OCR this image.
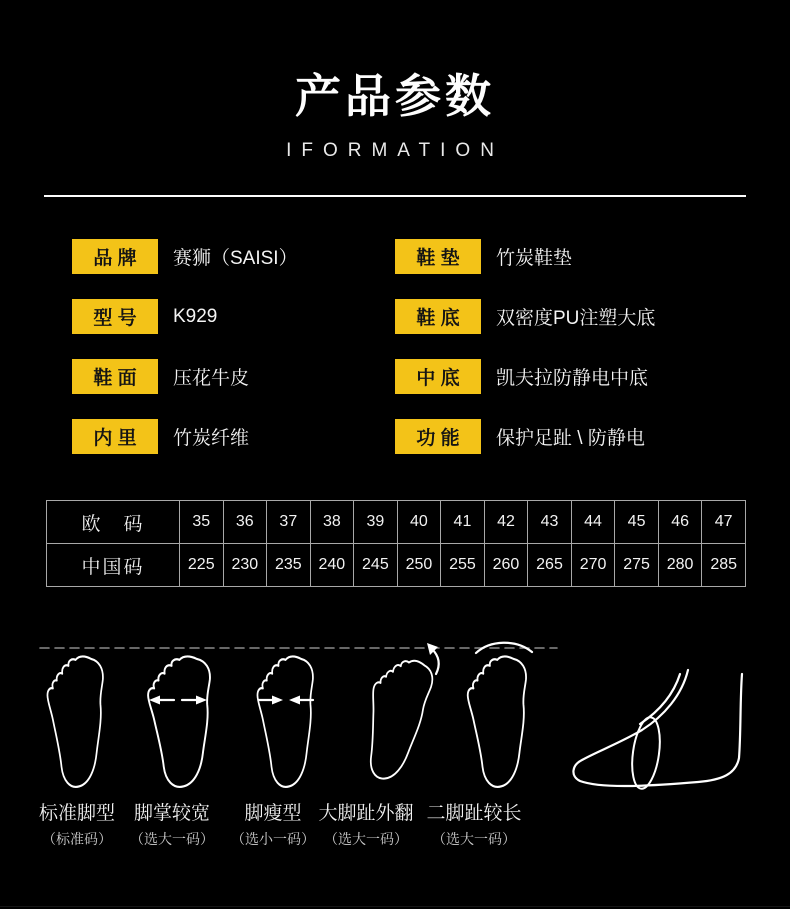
产品参数
IFORMATION
品 牌	赛狮（SAISI）
型 号	K929
鞋 面	压花牛皮
内 里	竹炭纤维
鞋 垫	竹炭鞋垫
鞋 底	双密度PU注塑大底
中 底	凯夫拉防静电中底
功 能	保护足趾 \ 防静电
欧　码	35	36	37	38	39	40	41	42	43	44	45	46	47
中国码	225	230	235	240	245	250	255	260	265	270	275	280	285
标准脚型
（标准码）
脚掌较宽
（选大一码）
脚瘦型
（选小一码）
大脚趾外翻
（选大一码）
二脚趾较长
（选大一码）
